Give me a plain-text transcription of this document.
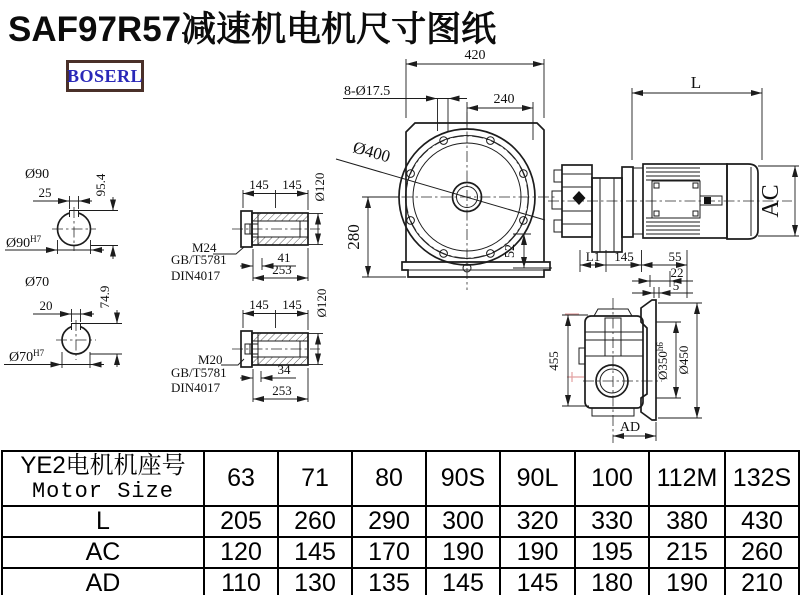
SAF97R57减速机电机尺寸图纸
BOSERL
420
8-Ø17.5
240
Ø400
280
52
L
AC
L1 145	55
22
5
455	$Ø350^{h6}$ Ø450
AD
145 145 Ø120
M24
GB/T5781
DIN4017
41
253
145 145 Ø120
M20
GB/T5781
DIN4017
34
253
Ø90
25	95.4
$Ø90^{H7}$
Ø70
20	74.9
$Ø70^{H7}$
YE2电机机座号
Motor Size	63	71	80	90S	90L	100	112M	132S
L	205	260	290	300	320	330	380	430
AC	120	145	170	190	190	195	215	260
AD	110	130	135	145	145	180	190	210
